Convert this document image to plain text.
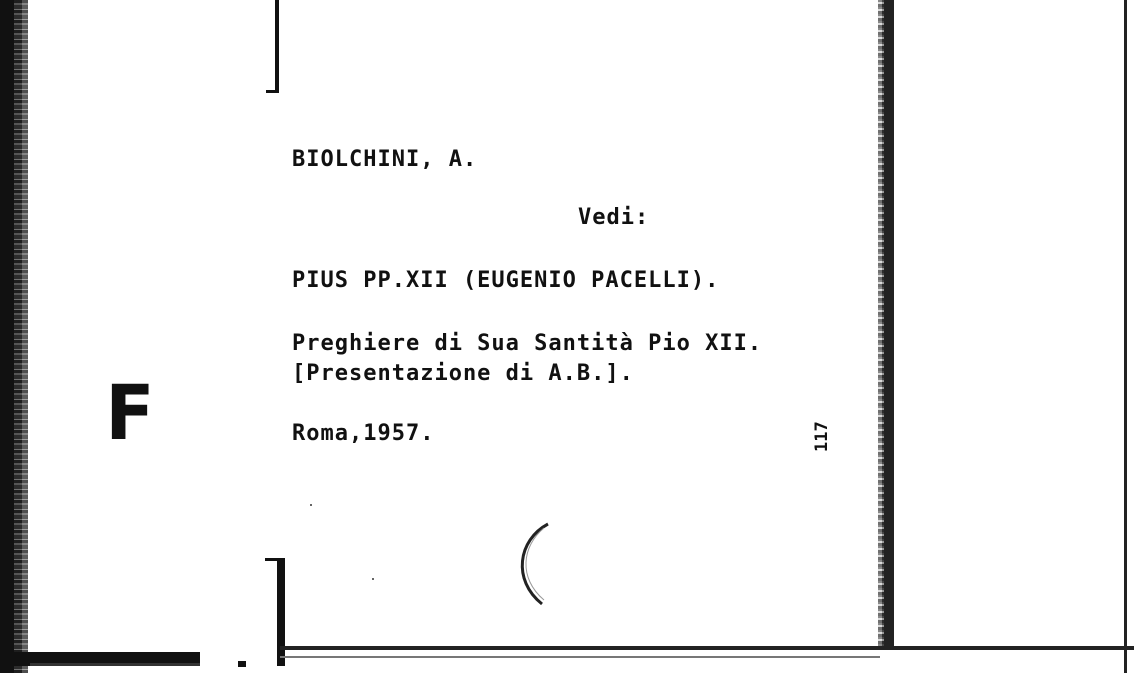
F
BIOLCHINI, A.
Vedi:
PIUS PP.XII (EUGENIO PACELLI).
Preghiere di Sua Santità Pio XII.
[Presentazione di A.B.].
Roma,1957.	117
